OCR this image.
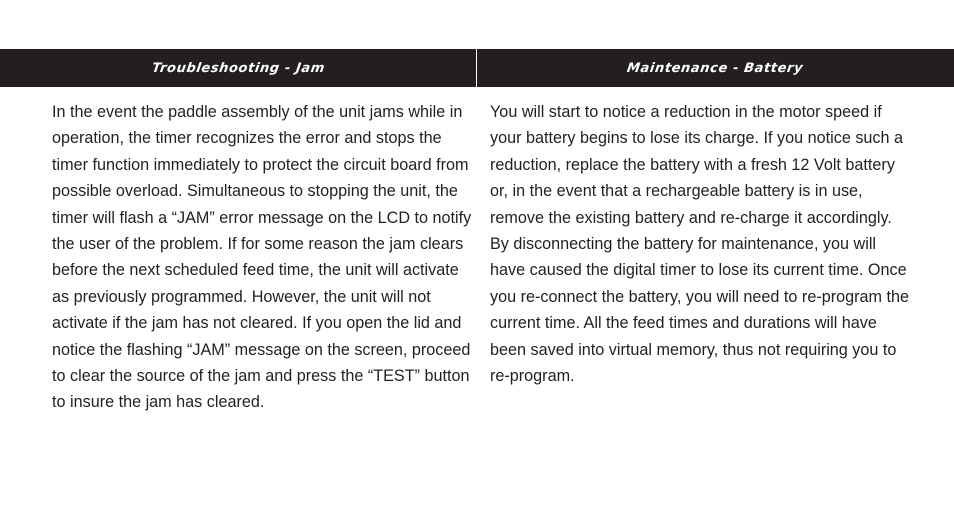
Troubleshooting - Jam

In the event the paddle assembly of the unit jams while in operation, the timer recognizes the error and stops the timer function immediately to protect the circuit board from possible overload. Simultaneous to stopping the unit, the timer will flash a “JAM” error message on the LCD to notify the user of the problem. If for some reason the jam clears before the next scheduled feed time, the unit will activate as previously programmed. However, the unit will not activate if the jam has not cleared. If you open the lid and notice the flashing “JAM” message on the screen, proceed to clear the source of the jam and press the “TEST” button to insure the jam has cleared.

Maintenance - Battery

You will start to notice a reduction in the motor speed if your battery begins to lose its charge. If you notice such a reduction, replace the battery with a fresh 12 Volt battery or, in the event that a rechargeable battery is in use, remove the existing battery and re-charge it accordingly.

By disconnecting the battery for maintenance, you will have caused the digital timer to lose its current time. Once you re-connect the battery, you will need to re-program the current time. All the feed times and durations will have been saved into virtual memory, thus not requiring you to re-program.
